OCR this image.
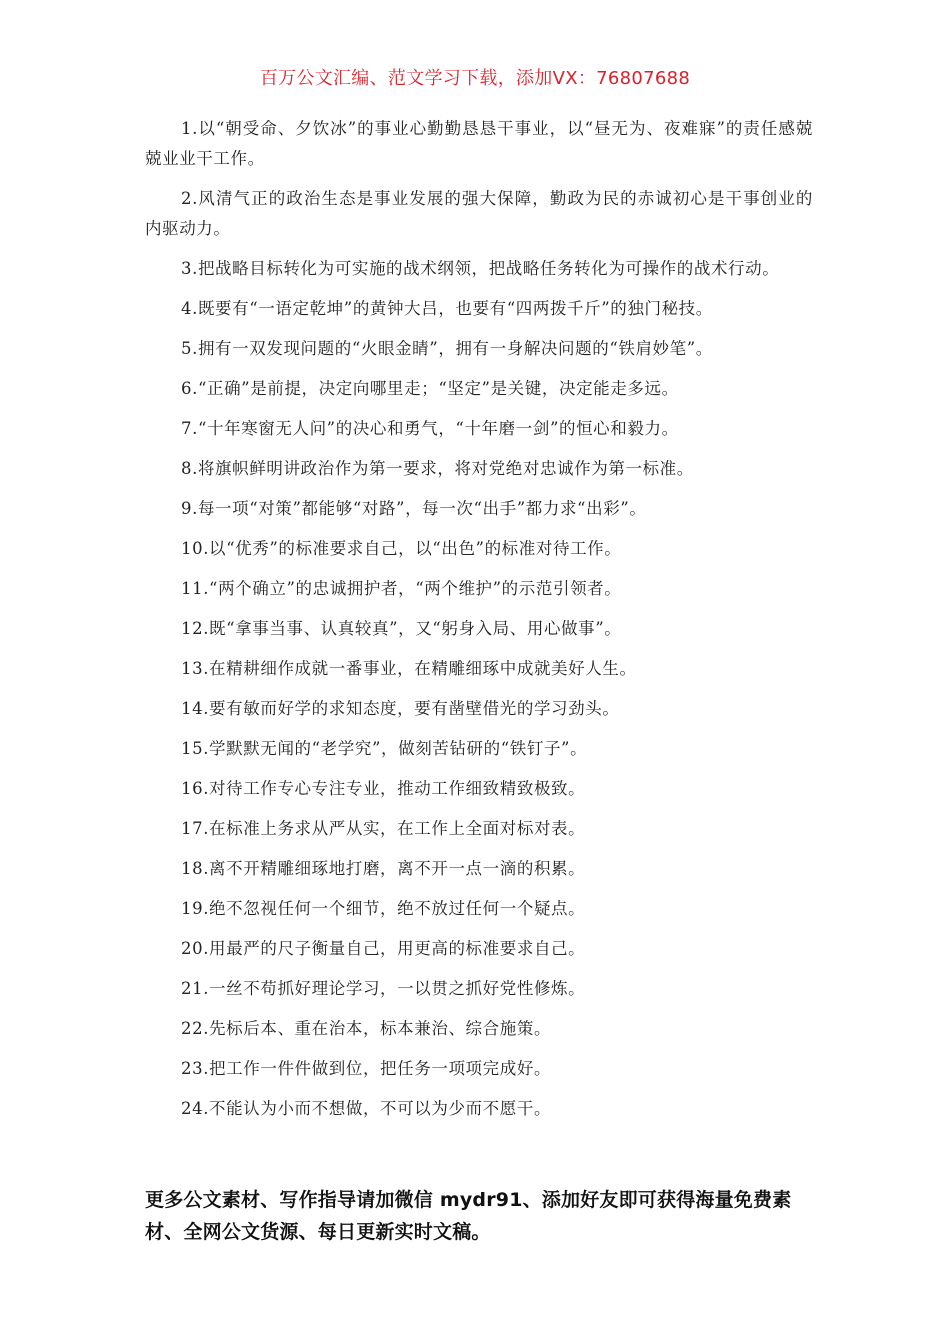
百万公文汇编、范文学习下载，添加VX：76807688

1.以“朝受命、夕饮冰”的事业心勤勤恳恳干事业，以“昼无为、夜难寐”的责任感兢兢业业干工作。

2.风清气正的政治生态是事业发展的强大保障，勤政为民的赤诚初心是干事创业的内驱动力。

3.把战略目标转化为可实施的战术纲领，把战略任务转化为可操作的战术行动。

4.既要有“一语定乾坤”的黄钟大吕，也要有“四两拨千斤”的独门秘技。

5.拥有一双发现问题的“火眼金睛”，拥有一身解决问题的“铁肩妙笔”。

6.“正确”是前提，决定向哪里走；“坚定”是关键，决定能走多远。

7.“十年寒窗无人问”的决心和勇气，“十年磨一剑”的恒心和毅力。

8.将旗帜鲜明讲政治作为第一要求，将对党绝对忠诚作为第一标准。

9.每一项“对策”都能够“对路”，每一次“出手”都力求“出彩”。

10.以“优秀”的标准要求自己，以“出色”的标准对待工作。

11.“两个确立”的忠诚拥护者，“两个维护”的示范引领者。

12.既“拿事当事、认真较真”，又“躬身入局、用心做事”。

13.在精耕细作成就一番事业，在精雕细琢中成就美好人生。

14.要有敏而好学的求知态度，要有凿壁借光的学习劲头。

15.学默默无闻的“老学究”，做刻苦钻研的“铁钉子”。

16.对待工作专心专注专业，推动工作细致精致极致。

17.在标准上务求从严从实，在工作上全面对标对表。

18.离不开精雕细琢地打磨，离不开一点一滴的积累。

19.绝不忽视任何一个细节，绝不放过任何一个疑点。

20.用最严的尺子衡量自己，用更高的标准要求自己。

21.一丝不苟抓好理论学习，一以贯之抓好党性修炼。

22.先标后本、重在治本，标本兼治、综合施策。

23.把工作一件件做到位，把任务一项项完成好。

24.不能认为小而不想做，不可以为少而不愿干。

更多公文素材、写作指导请加微信 mydr91、添加好友即可获得海量免费素材、全网公文货源、每日更新实时文稿。
